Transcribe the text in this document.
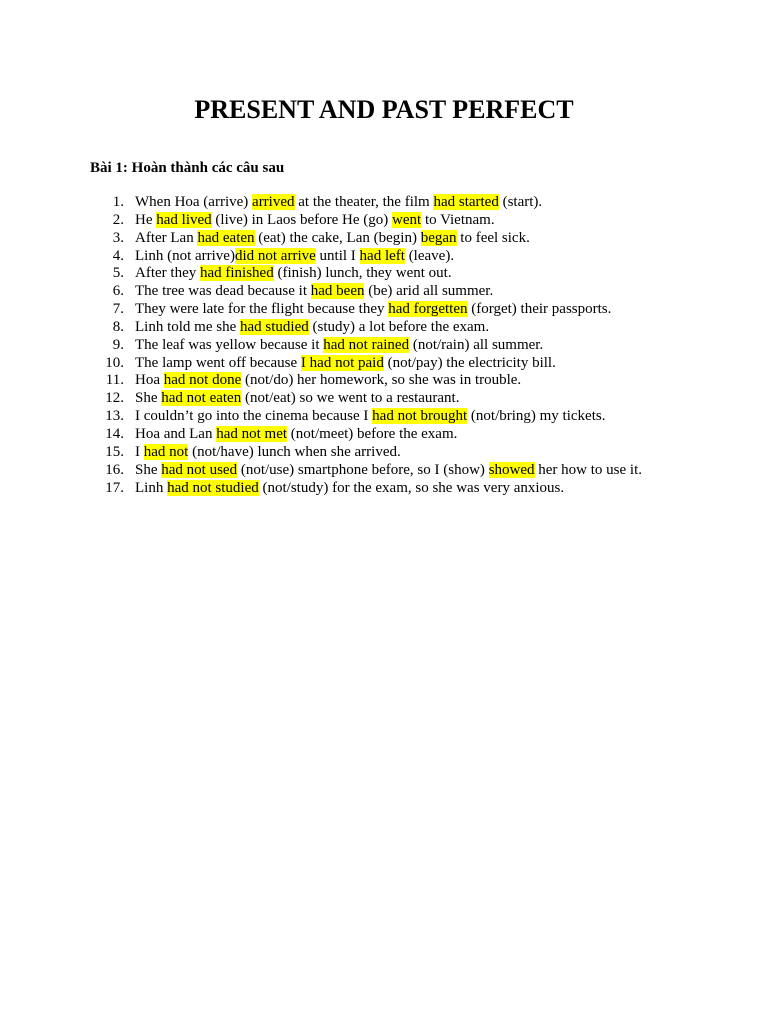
PRESENT AND PAST PERFECT
Bài 1: Hoàn thành các câu sau
1. When Hoa (arrive) arrived at the theater, the film had started (start).
2. He had lived (live) in Laos before He (go) went to Vietnam.
3. After Lan had eaten (eat) the cake, Lan (begin) began to feel sick.
4. Linh (not arrive)did not arrive until I had left (leave).
5. After they had finished (finish) lunch, they went out.
6. The tree was dead because it had been (be) arid all summer.
7. They were late for the flight because they had forgetten (forget) their passports.
8. Linh told me she had studied (study) a lot before the exam.
9. The leaf was yellow because it had not rained (not/rain) all summer.
10. The lamp went off because I had not paid (not/pay) the electricity bill.
11. Hoa had not done (not/do) her homework, so she was in trouble.
12. She had not eaten (not/eat) so we went to a restaurant.
13. I couldn’t go into the cinema because I had not brought (not/bring) my tickets.
14. Hoa and Lan had not met (not/meet) before the exam.
15. I had not (not/have) lunch when she arrived.
16. She had not used (not/use) smartphone before, so I (show) showed her how to use it.
17. Linh had not studied (not/study) for the exam, so she was very anxious.
